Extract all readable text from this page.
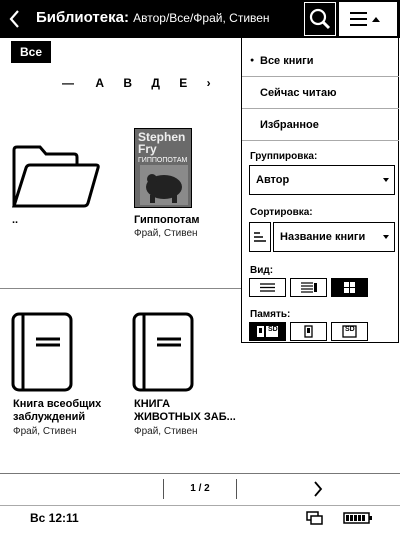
Библиотека: Автор/Все/Фрай, Стивен
Все
— А В Д Е ›
..
Stephen Fry
ГИППОПОТАМ
Гиппопотам
Фрай, Стивен
Книга всеобщих
заблуждений
Фрай, Стивен
КНИГА
ЖИВОТНЫХ ЗАБ...
Фрай, Стивен
1 / 2
Вс 12:11
● Все книги
Сейчас читаю
Избранное
Группировка:
Автор
Сортировка:
Название книги
Вид:
Память:
SD	SD
